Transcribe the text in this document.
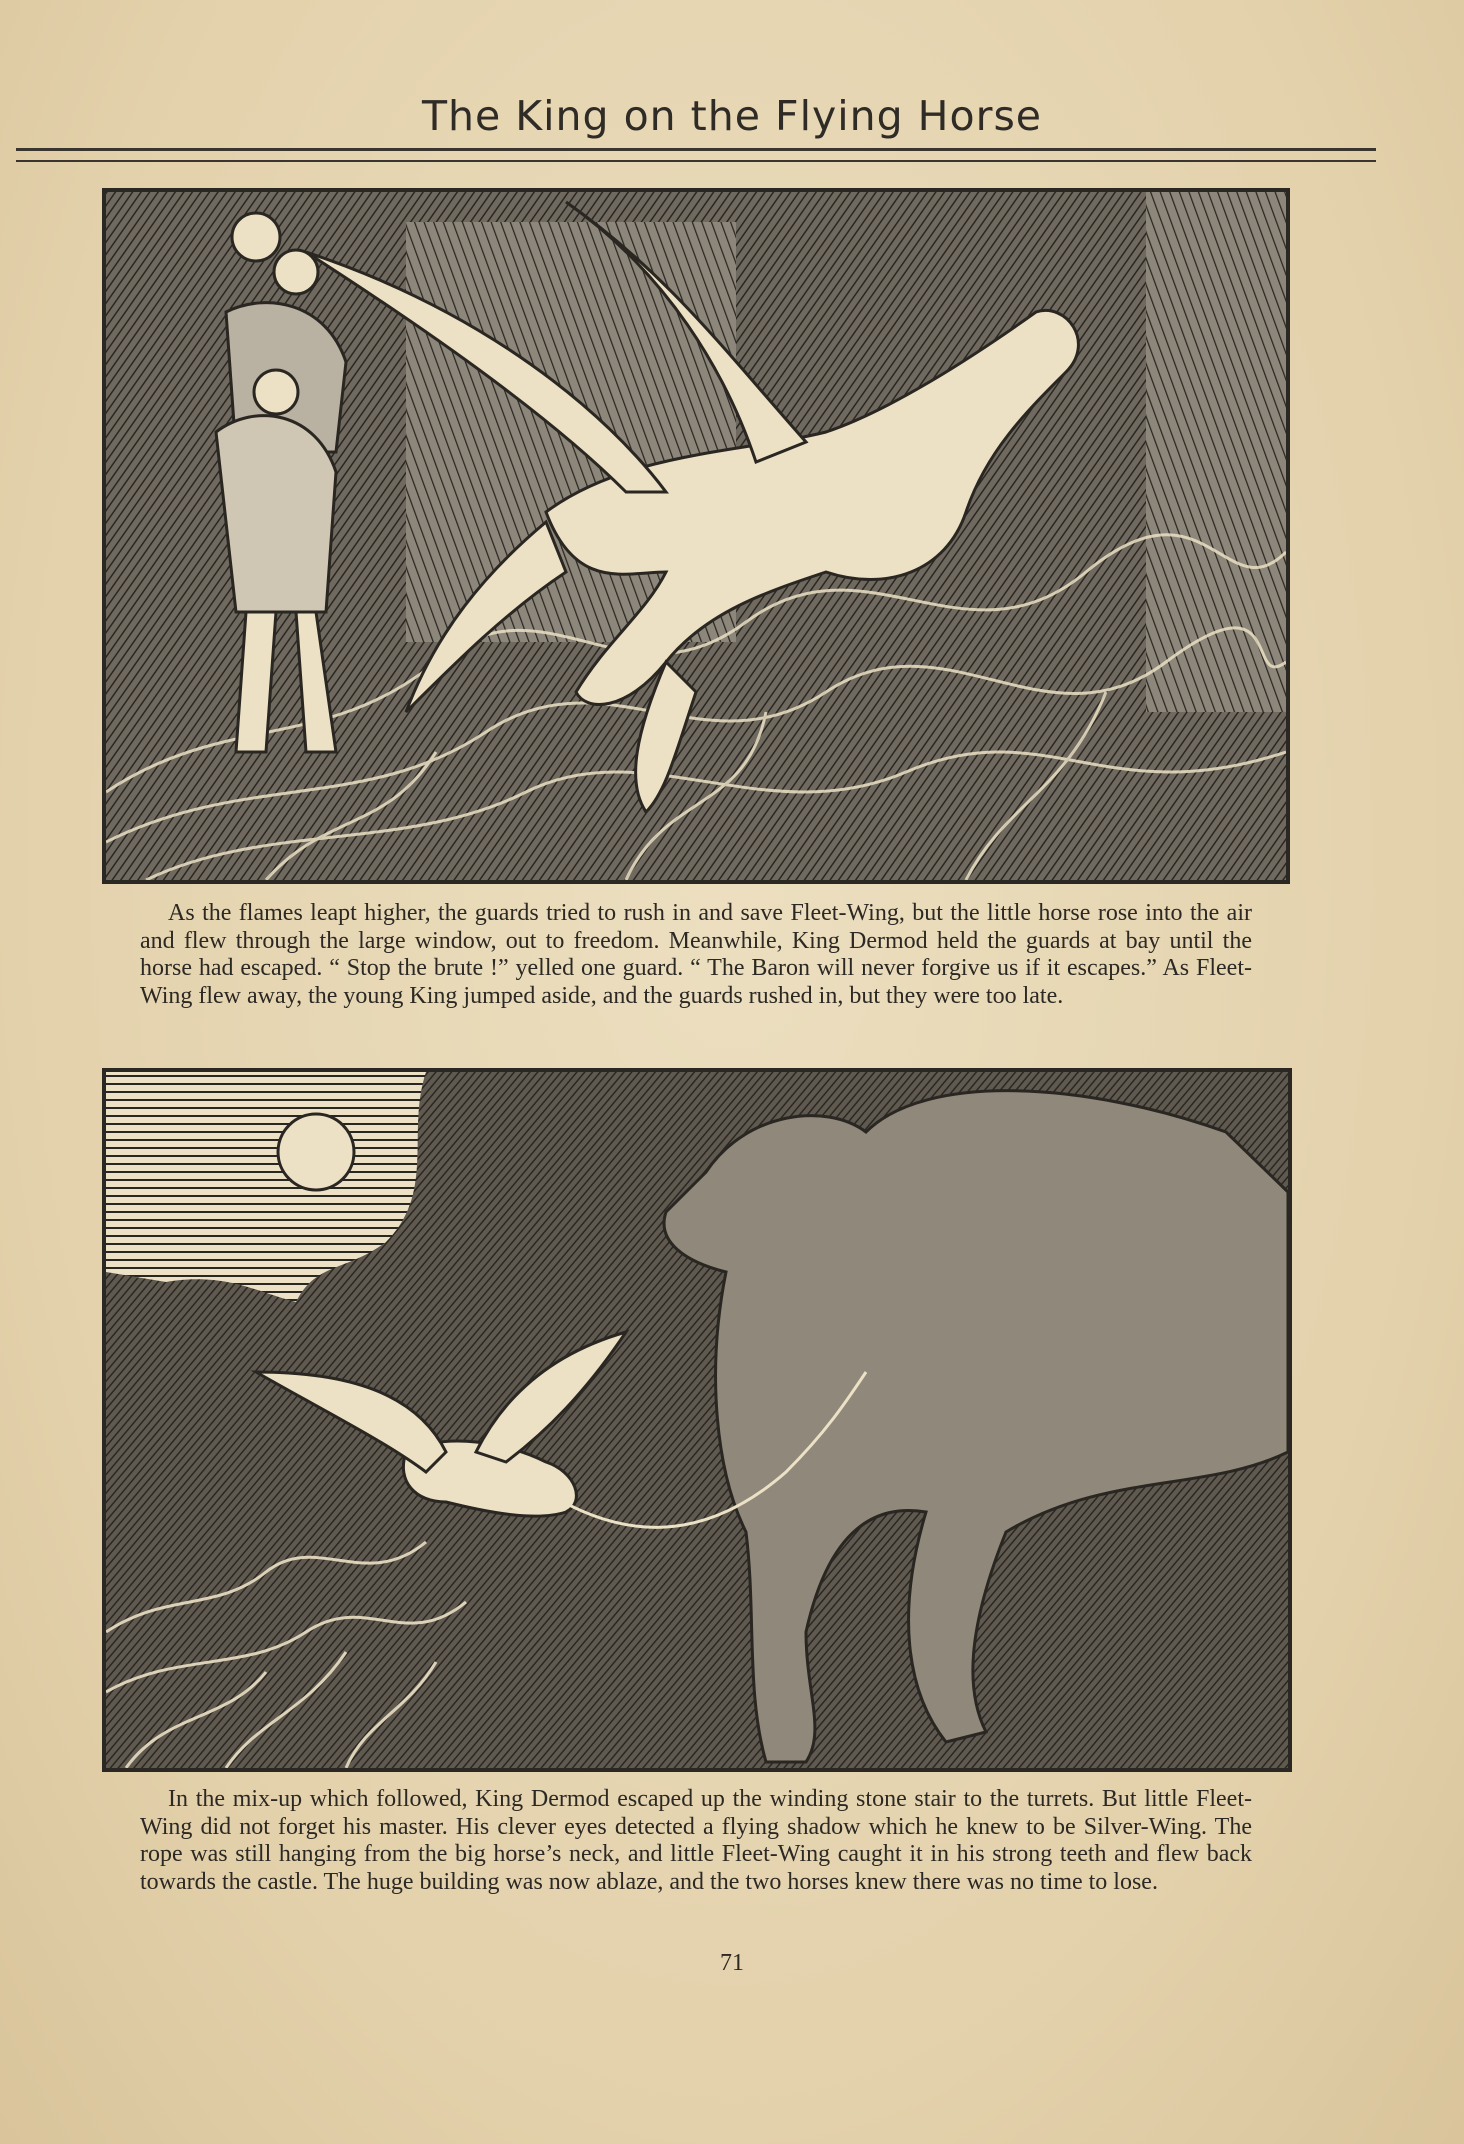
The King on the Flying Horse
As the flames leapt higher, the guards tried to rush in and save Fleet-Wing, but the little horse rose into the air and flew through the large window, out to freedom. Meanwhile, King Dermod held the guards at bay until the horse had escaped. “ Stop the brute !” yelled one guard. “ The Baron will never forgive us if it escapes.” As Fleet-Wing flew away, the young King jumped aside, and the guards rushed in, but they were too late.
In the mix-up which followed, King Dermod escaped up the winding stone stair to the turrets. But little Fleet-Wing did not forget his master. His clever eyes detected a flying shadow which he knew to be Silver-Wing. The rope was still hanging from the big horse’s neck, and little Fleet-Wing caught it in his strong teeth and flew back towards the castle. The huge building was now ablaze, and the two horses knew there was no time to lose.
71
